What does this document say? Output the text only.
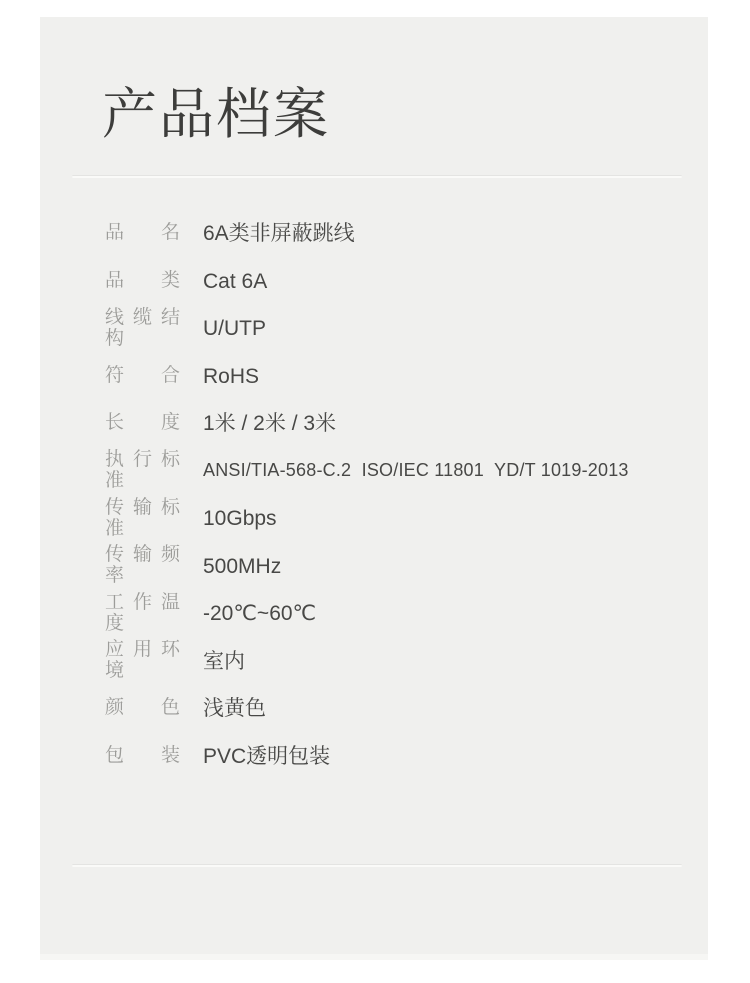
产品档案
品名 6A类非屏蔽跳线
品类 Cat 6A
线缆结构	U/UTP
符合 RoHS
长度 1米 / 2米 / 3米
执行标准	ANSI/TIA-568-C.2  ISO/IEC 11801  YD/T 1019-2013
传输标准	10Gbps
传输频率	500MHz
工作温度	-20℃~60℃
应用环境	室内
颜色 浅黄色
包装 PVC透明包装
